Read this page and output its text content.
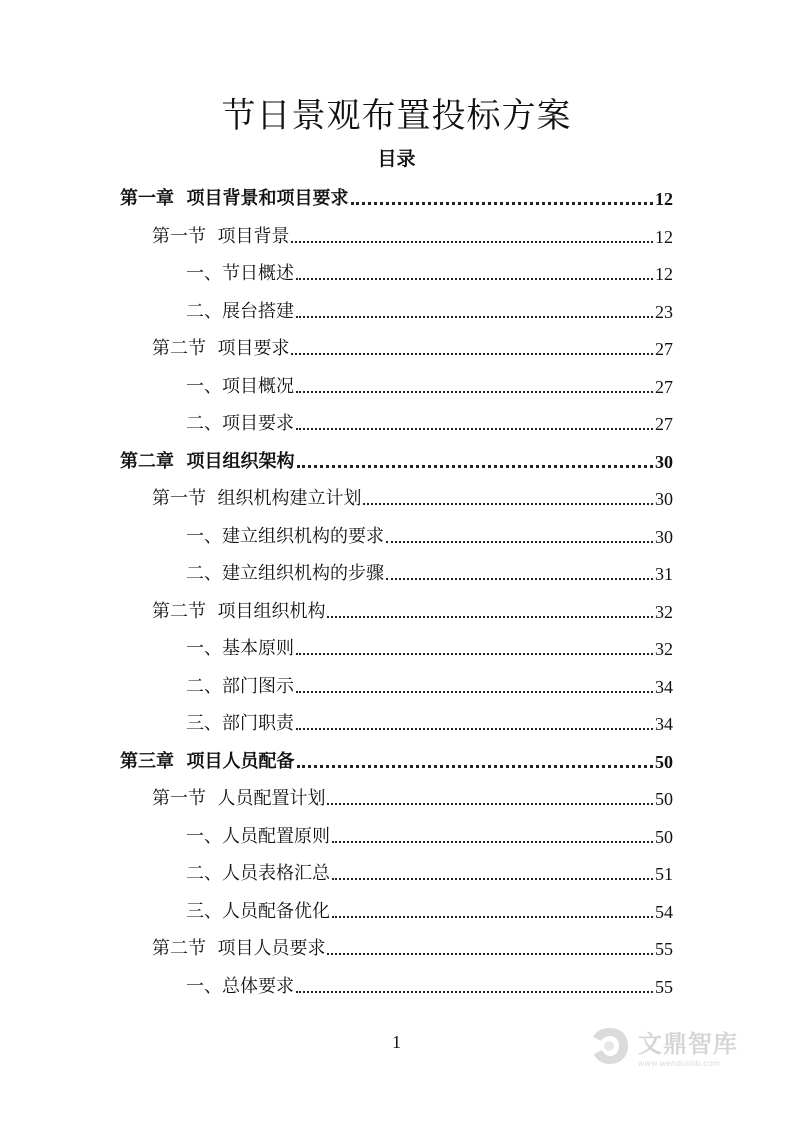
节日景观布置投标方案
目录
第一章  项目背景和项目要求	12
第一节  项目背景	12
一、节日概述	12
二、展台搭建	23
第二节  项目要求	27
一、项目概况	27
二、项目要求	27
第二章  项目组织架构	30
第一节  组织机构建立计划	30
一、建立组织机构的要求	30
二、建立组织机构的步骤	31
第二节  项目组织机构	32
一、基本原则	32
二、部门图示	34
三、部门职责	34
第三章  项目人员配备	50
第一节  人员配置计划	50
一、人员配置原则	50
二、人员表格汇总	51
三、人员配备优化	54
第二节  项目人员要求	55
一、总体要求	55
1	文鼎智库
www.wenduolib.com
